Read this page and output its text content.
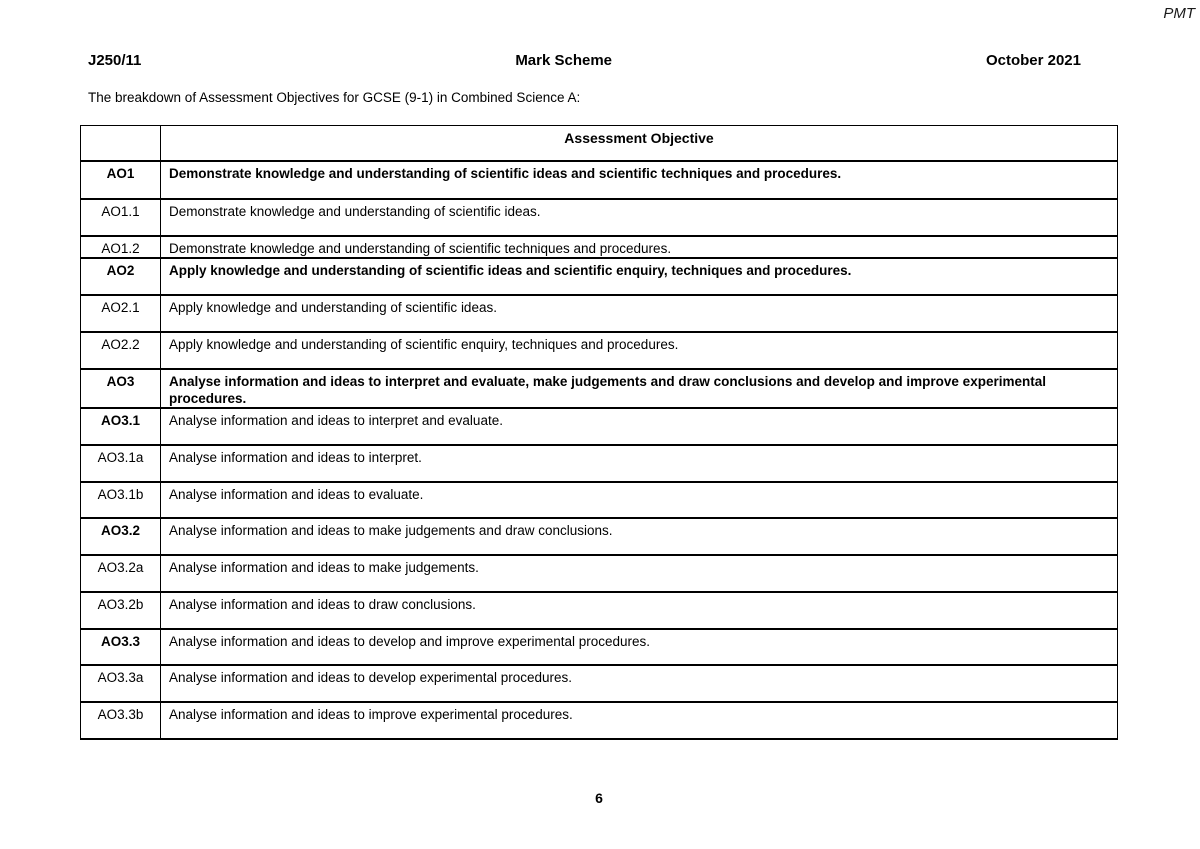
PMT
J250/11	Mark Scheme	October 2021
The breakdown of Assessment Objectives for GCSE (9-1) in Combined Science A:
	Assessment Objective
AO1	Demonstrate knowledge and understanding of scientific ideas and scientific techniques and procedures.
AO1.1	Demonstrate knowledge and understanding of scientific ideas.
AO1.2	Demonstrate knowledge and understanding of scientific techniques and procedures.
AO2	Apply knowledge and understanding of scientific ideas and scientific enquiry, techniques and procedures.
AO2.1	Apply knowledge and understanding of scientific ideas.
AO2.2	Apply knowledge and understanding of scientific enquiry, techniques and procedures.
AO3	Analyse information and ideas to interpret and evaluate, make judgements and draw conclusions and develop and improve experimental procedures.
AO3.1	Analyse information and ideas to interpret and evaluate.
AO3.1a	Analyse information and ideas to interpret.
AO3.1b	Analyse information and ideas to evaluate.
AO3.2	Analyse information and ideas to make judgements and draw conclusions.
AO3.2a	Analyse information and ideas to make judgements.
AO3.2b	Analyse information and ideas to draw conclusions.
AO3.3	Analyse information and ideas to develop and improve experimental procedures.
AO3.3a	Analyse information and ideas to develop experimental procedures.
AO3.3b	Analyse information and ideas to improve experimental procedures.
6
